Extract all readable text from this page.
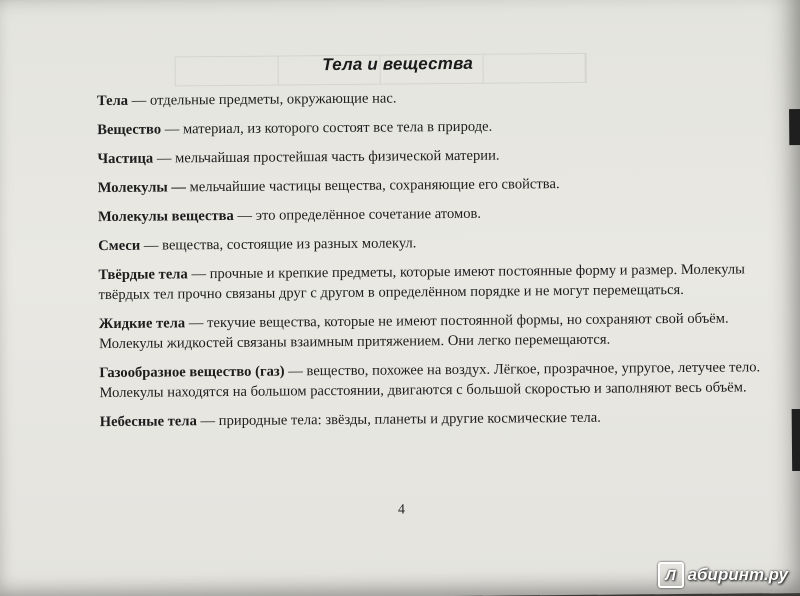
Тела и вещества

Тела — отдельные предметы, окружающие нас.

Вещество — материал, из которого состоят все тела в природе.

Частица — мельчайшая простейшая часть физической материи.

Молекулы — мельчайшие частицы вещества, сохраняющие его свойства.

Молекулы вещества — это определённое сочетание атомов.

Смеси — вещества, состоящие из разных молекул.

Твёрдые тела — прочные и крепкие предметы, которые имеют постоянные форму и размер. Молекулы твёрдых тел прочно связаны друг с другом в определённом порядке и не могут перемещаться.

Жидкие тела — текучие вещества, которые не имеют постоянной формы, но сохраняют свой объём. Молекулы жидкостей связаны взаимным притяжением. Они легко перемещаются.

Газообразное вещество (газ) — вещество, похожее на воздух. Лёгкое, прозрачное, упругое, летучее тело. Молекулы находятся на большом расстоянии, двигаются с большой скоростью и заполняют весь объём.

Небесные тела — природные тела: звёзды, планеты и другие космические тела.

4
Л абиринт.ру
